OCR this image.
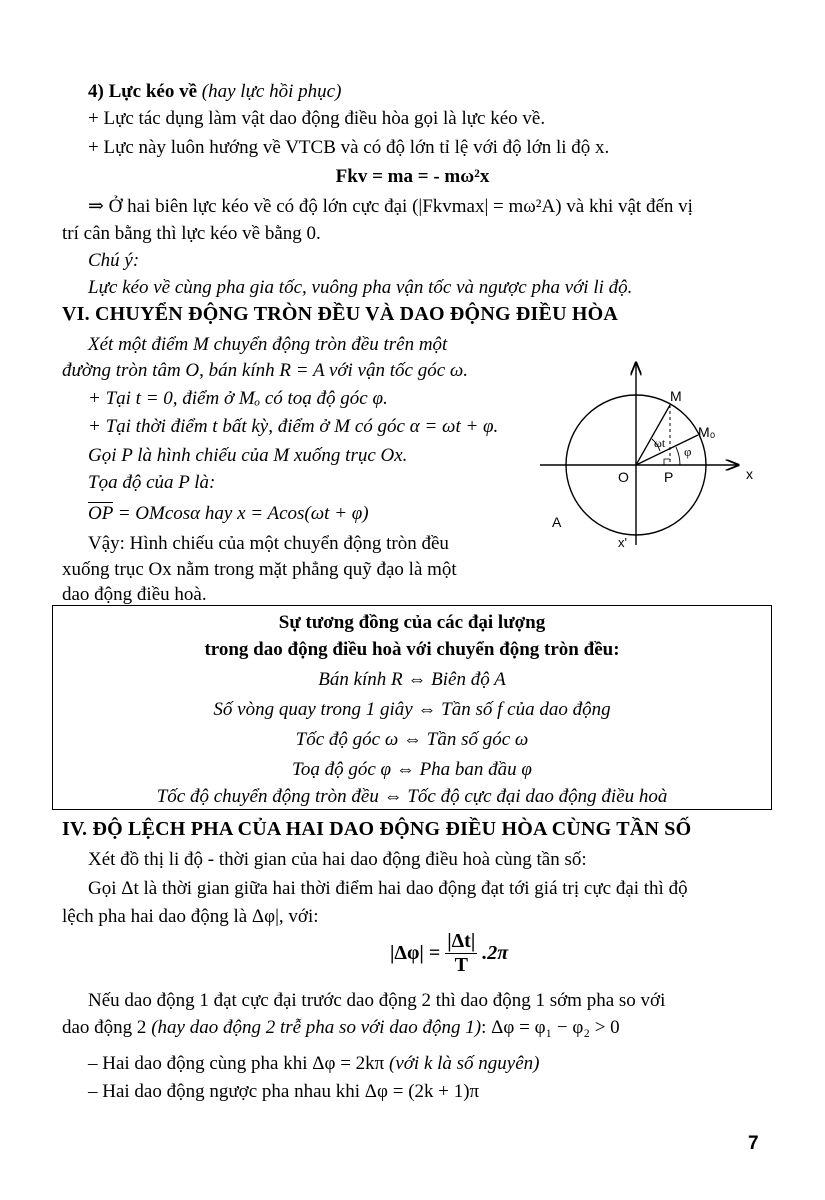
4) Lực kéo về (hay lực hồi phục)
+ Lực tác dụng làm vật dao động điều hòa gọi là lực kéo về.
+ Lực này luôn hướng về VTCB và có độ lớn tỉ lệ với độ lớn li độ x.
Fkv = ma = - mω²x
⇒ Ở hai biên lực kéo về có độ lớn cực đại (|Fkvmax| = mω²A) và khi vật đến vị
trí cân bằng thì lực kéo về bằng 0.
Chú ý:
Lực kéo về cùng pha gia tốc, vuông pha vận tốc và ngược pha với li độ.
VI. CHUYỂN ĐỘNG TRÒN ĐỀU VÀ DAO ĐỘNG ĐIỀU HÒA
Xét một điểm M chuyển động tròn đều trên một
đường tròn tâm O, bán kính R = A với vận tốc góc ω.
+ Tại t = 0, điểm ở Mₒ có toạ độ góc φ.
+ Tại thời điểm t bất kỳ, điểm ở M có góc α = ωt + φ.
Gọi P là hình chiếu của M xuống trục Ox.
Tọa độ của P là:
$\overline{OP} = OMcos\alpha$ hay x = Acos(ωt + φ)
Vậy: Hình chiếu của một chuyển động tròn đều
xuống trục Ox nằm trong mặt phẳng quỹ đạo là một
dao động điều hoà.
M
M₀
O	P	x
x'
A
ωt
φ
Sự tương đồng của các đại lượng
trong dao động điều hoà với chuyển động tròn đều:
Bán kính R ⇔ Biên độ A
Số vòng quay trong 1 giây ⇔ Tần số f của dao động
Tốc độ góc ω ⇔ Tần số góc ω
Toạ độ góc φ ⇔ Pha ban đầu φ
Tốc độ chuyển động tròn đều ⇔ Tốc độ cực đại dao động điều hoà
IV. ĐỘ LỆCH PHA CỦA HAI DAO ĐỘNG ĐIỀU HÒA CÙNG TẦN SỐ
Xét đồ thị li độ - thời gian của hai dao động điều hoà cùng tần số:
Gọi Δt là thời gian giữa hai thời điểm hai dao động đạt tới giá trị cực đại thì độ
lệch pha hai dao động là Δφ|, với:
$|\Delta\varphi| = \frac{|\Delta t|}{T} .2\pi$
Nếu dao động 1 đạt cực đại trước dao động 2 thì dao động 1 sớm pha so với
dao động 2 (hay dao động 2 trễ pha so với dao động 1): Δφ = φ₁ − φ₂ > 0
– Hai dao động cùng pha khi Δφ = 2kπ (với k là số nguyên)
– Hai dao động ngược pha nhau khi Δφ = (2k + 1)π
7
